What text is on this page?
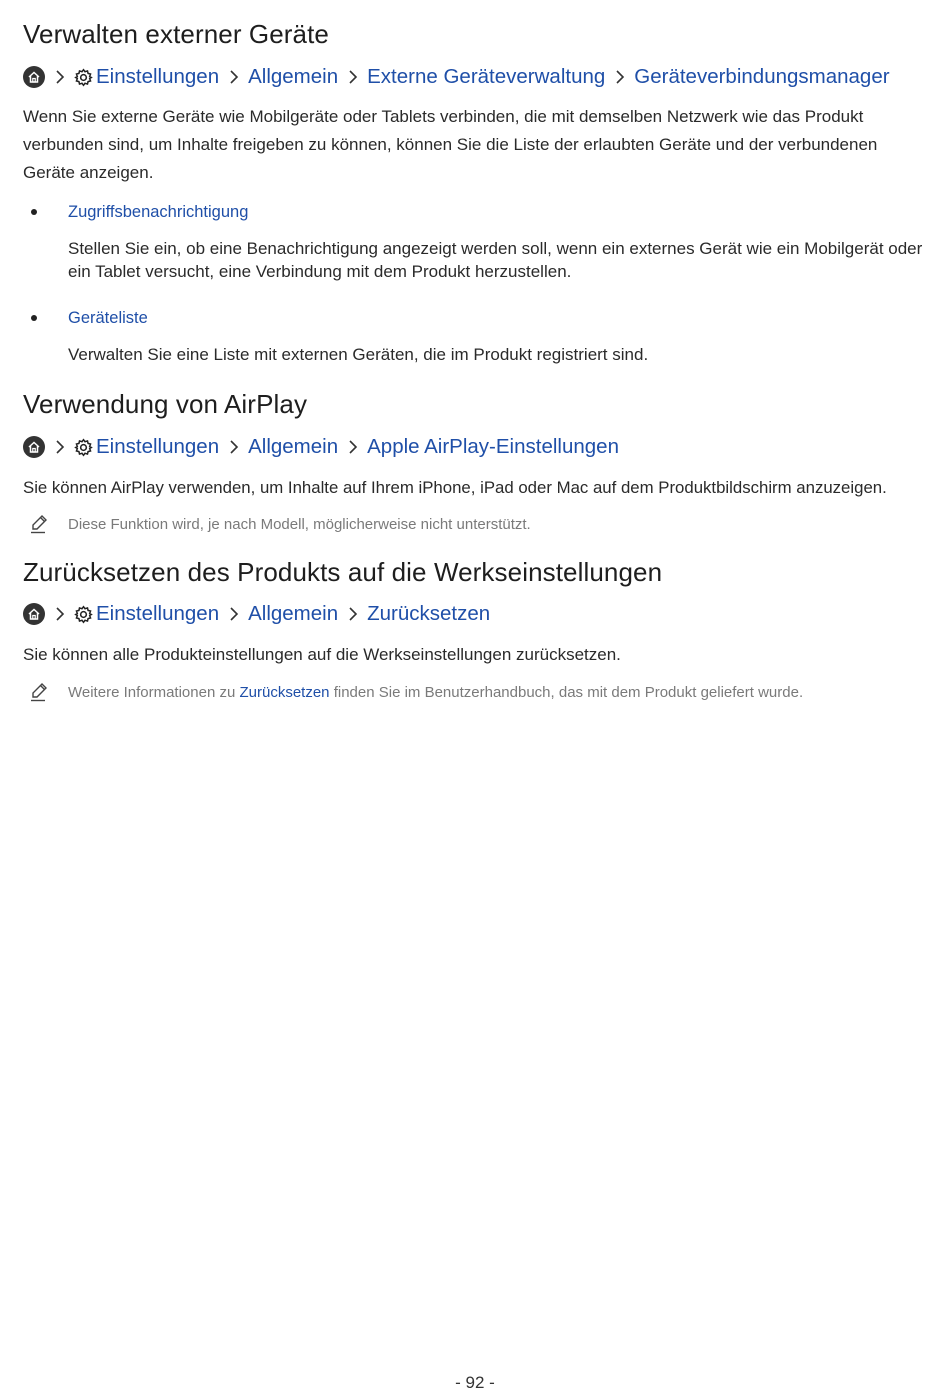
Verwalten externer Geräte
Einstellungen Allgemein Externe Geräteverwaltung Geräteverbindungsmanager

Wenn Sie externe Geräte wie Mobilgeräte oder Tablets verbinden, die mit demselben Netzwerk wie das Produkt verbunden sind, um Inhalte freigeben zu können, können Sie die Liste der erlaubten Geräte und der verbundenen Geräte anzeigen.

Zugriffsbenachrichtigung
Stellen Sie ein, ob eine Benachrichtigung angezeigt werden soll, wenn ein externes Gerät wie ein Mobilgerät oder ein Tablet versucht, eine Verbindung mit dem Produkt herzustellen.
Geräteliste
Verwalten Sie eine Liste mit externen Geräten, die im Produkt registriert sind.
Verwendung von AirPlay
Einstellungen Allgemein Apple AirPlay-Einstellungen

Sie können AirPlay verwenden, um Inhalte auf Ihrem iPhone, iPad oder Mac auf dem Produktbildschirm anzuzeigen.

Diese Funktion wird, je nach Modell, möglicherweise nicht unterstützt.
Zurücksetzen des Produkts auf die Werkseinstellungen
Einstellungen Allgemein Zurücksetzen

Sie können alle Produkteinstellungen auf die Werkseinstellungen zurücksetzen.

Weitere Informationen zu Zurücksetzen finden Sie im Benutzerhandbuch, das mit dem Produkt geliefert wurde.
- 92 -
